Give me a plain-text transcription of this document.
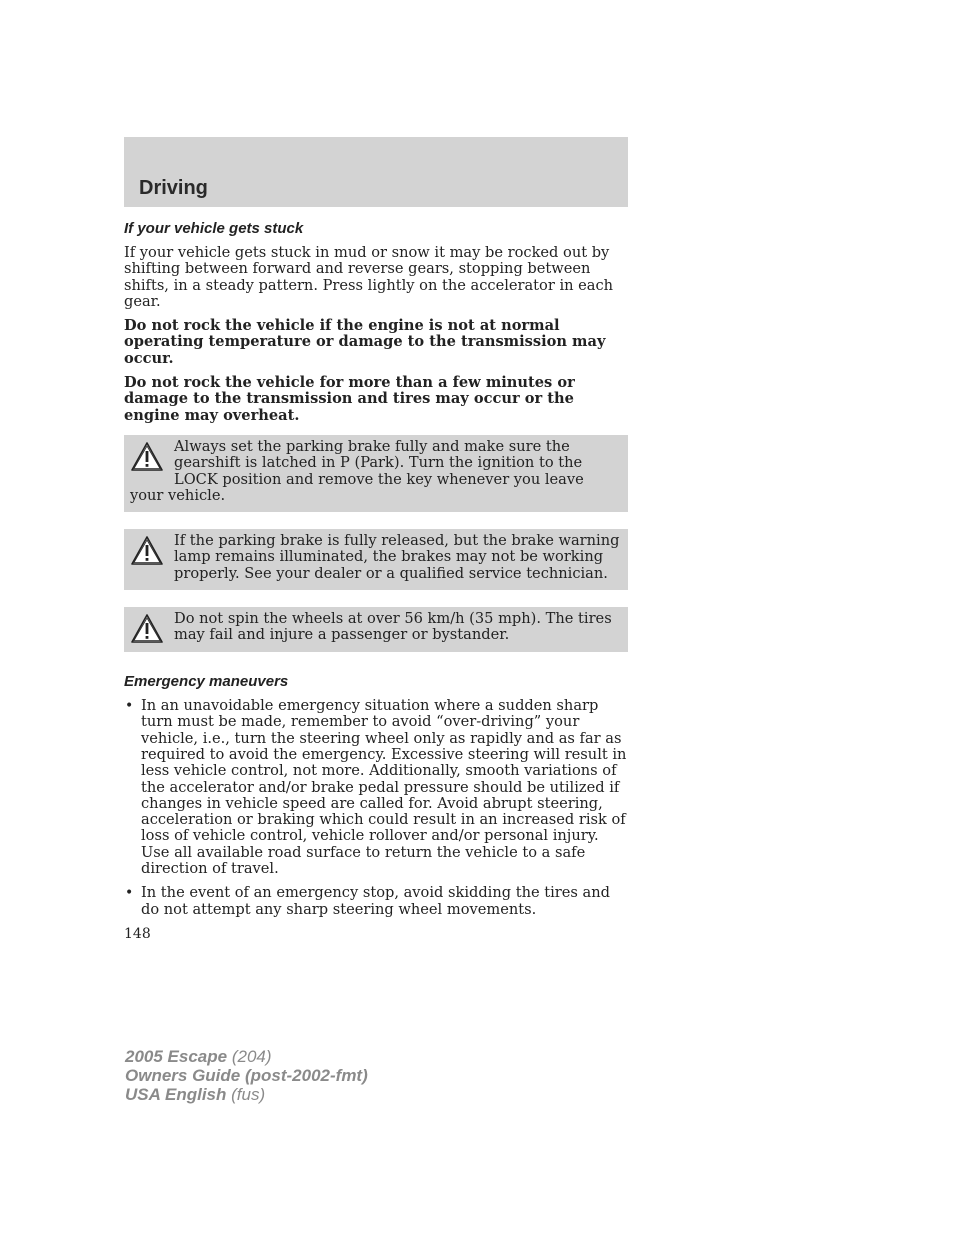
Driving
If your vehicle gets stuck

If your vehicle gets stuck in mud or snow it may be rocked out by shifting between forward and reverse gears, stopping between shifts, in a steady pattern. Press lightly on the accelerator in each gear.

Do not rock the vehicle if the engine is not at normal operating temperature or damage to the transmission may occur.

Do not rock the vehicle for more than a few minutes or damage to the transmission and tires may occur or the engine may overheat.

Always set the parking brake fully and make sure the gearshift is latched in P (Park). Turn the ignition to the LOCK position and remove the key whenever you leave your vehicle.

If the parking brake is fully released, but the brake warning lamp remains illuminated, the brakes may not be working properly. See your dealer or a qualified service technician.

Do not spin the wheels at over 56 km/h (35 mph). The tires may fail and injure a passenger or bystander.

Emergency maneuvers
• In an unavoidable emergency situation where a sudden sharp turn must be made, remember to avoid “over-driving” your vehicle, i.e., turn the steering wheel only as rapidly and as far as required to avoid the emergency. Excessive steering will result in less vehicle control, not more. Additionally, smooth variations of the accelerator and/or brake pedal pressure should be utilized if changes in vehicle speed are called for. Avoid abrupt steering, acceleration or braking which could result in an increased risk of loss of vehicle control, vehicle rollover and/or personal injury. Use all available road surface to return the vehicle to a safe direction of travel.
• In the event of an emergency stop, avoid skidding the tires and do not attempt any sharp steering wheel movements.
148
2005 Escape (204)
Owners Guide (post-2002-fmt)
USA English (fus)
